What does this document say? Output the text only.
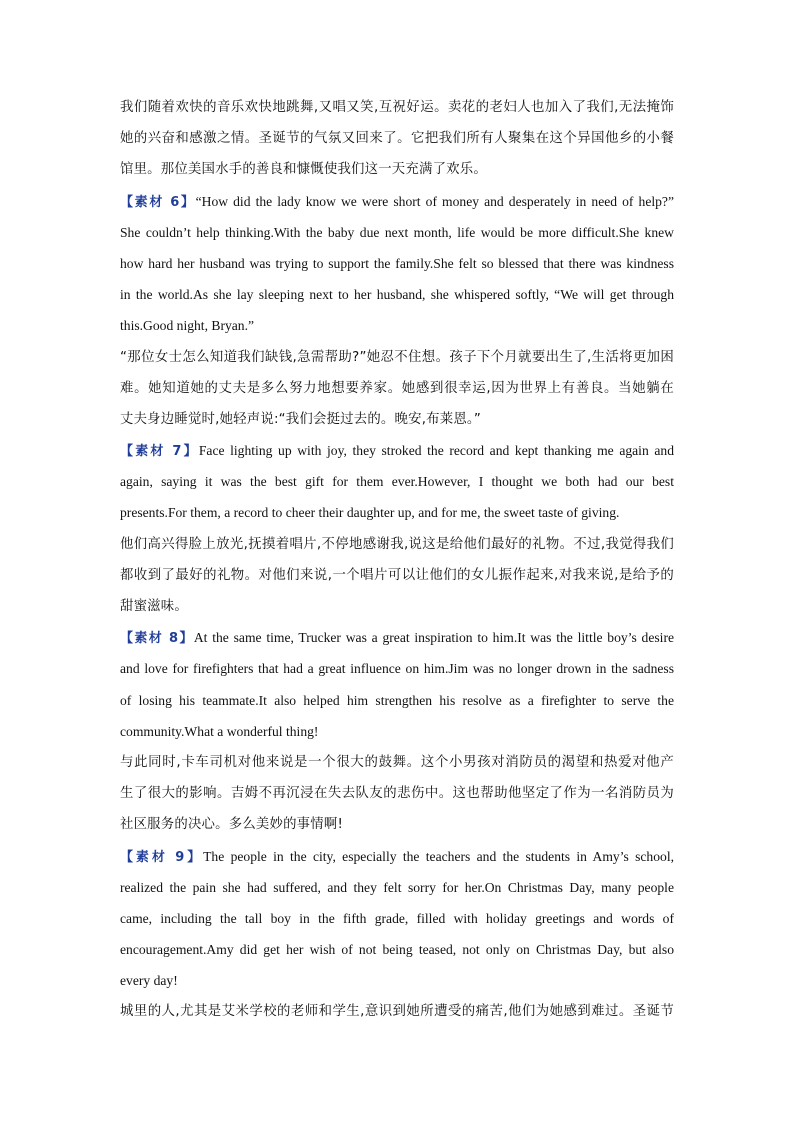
我们随着欢快的音乐欢快地跳舞,又唱又笑,互祝好运。卖花的老妇人也加入了我们,无法掩饰
她的兴奋和感激之情。圣诞节的气氛又回来了。它把我们所有人聚集在这个异国他乡的小餐
馆里。那位美国水手的善良和慷慨使我们这一天充满了欢乐。
【素材 6】“How did the lady know we were short of money and desperately in need of help?”
She couldn’t help thinking.With the baby due next month, life would be more difficult.She knew
how hard her husband was trying to support the family.She felt so blessed that there was kindness
in the world.As she lay sleeping next to her husband, she whispered softly, “We will get through
this.Good night, Bryan.”
“那位女士怎么知道我们缺钱,急需帮助?”她忍不住想。孩子下个月就要出生了,生活将更加困
难。她知道她的丈夫是多么努力地想要养家。她感到很幸运,因为世界上有善良。当她躺在
丈夫身边睡觉时,她轻声说:“我们会挺过去的。晚安,布莱恩。”
【素材 7】Face lighting up with joy, they stroked the record and kept thanking me again and
again, saying it was the best gift for them ever.However, I thought we both had our best
presents.For them, a record to cheer their daughter up, and for me, the sweet taste of giving.
他们高兴得脸上放光,抚摸着唱片,不停地感谢我,说这是给他们最好的礼物。不过,我觉得我们
都收到了最好的礼物。对他们来说,一个唱片可以让他们的女儿振作起来,对我来说,是给予的
甜蜜滋味。
【素材 8】At the same time, Trucker was a great inspiration to him.It was the little boy’s desire
and love for firefighters that had a great influence on him.Jim was no longer drown in the sadness
of losing his teammate.It also helped him strengthen his resolve as a firefighter to serve the
community.What a wonderful thing!
与此同时,卡车司机对他来说是一个很大的鼓舞。这个小男孩对消防员的渴望和热爱对他产
生了很大的影响。吉姆不再沉浸在失去队友的悲伤中。这也帮助他坚定了作为一名消防员为
社区服务的决心。多么美妙的事情啊!
【素材 9】The people in the city, especially the teachers and the students in Amy’s school,
realized the pain she had suffered, and they felt sorry for her.On Christmas Day, many people
came, including the tall boy in the fifth grade, filled with holiday greetings and words of
encouragement.Amy did get her wish of not being teased, not only on Christmas Day, but also
every day!
城里的人,尤其是艾米学校的老师和学生,意识到她所遭受的痛苦,他们为她感到难过。圣诞节
